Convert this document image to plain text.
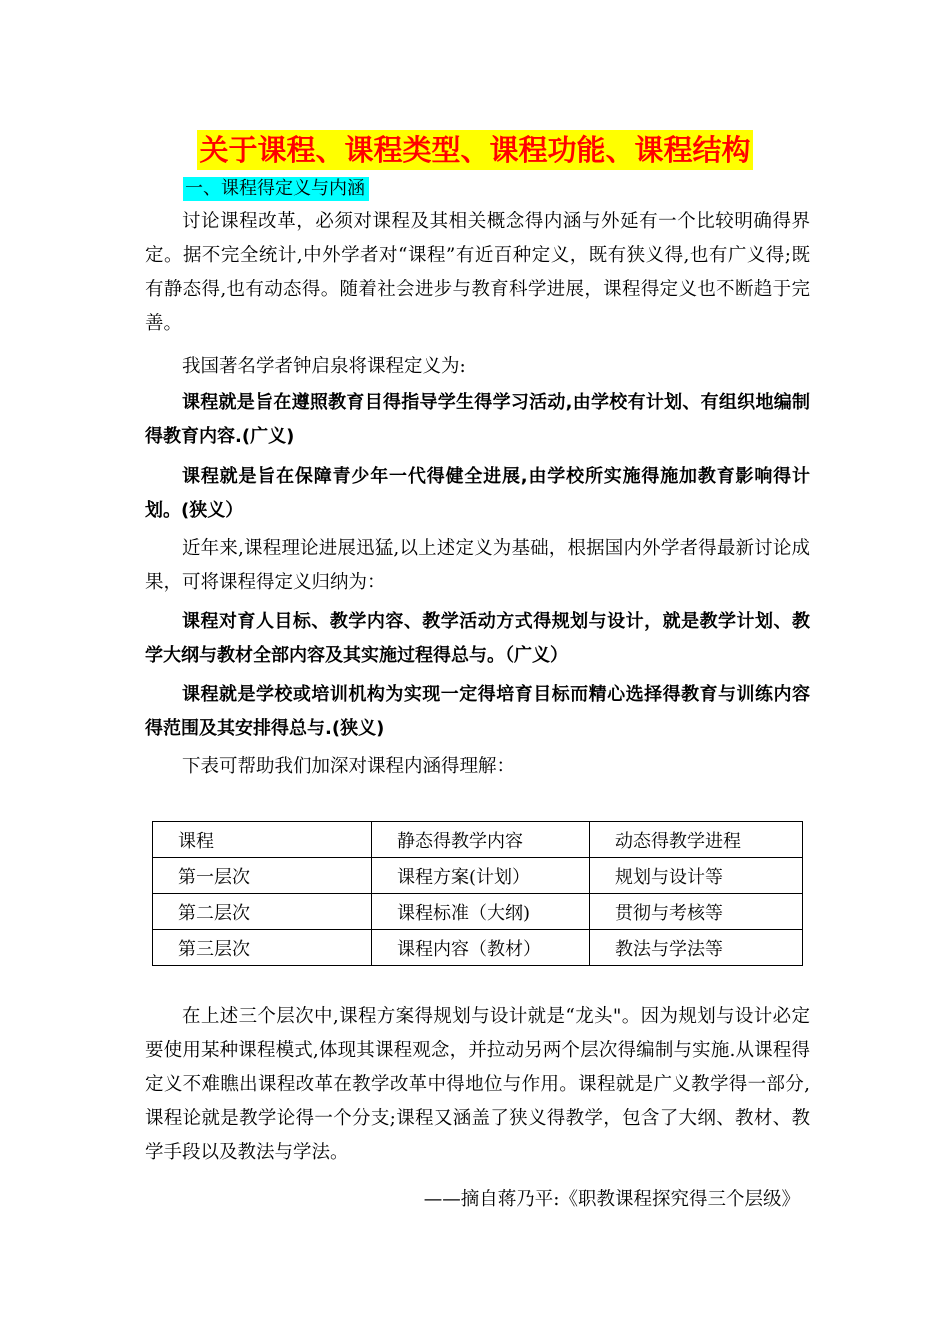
关于课程、课程类型、课程功能、课程结构
一、课程得定义与内涵

讨论课程改革，必须对课程及其相关概念得内涵与外延有一个比较明确得界定。据不完全统计,中外学者对“课程”有近百种定义，既有狭义得,也有广义得;既有静态得,也有动态得。随着社会进步与教育科学进展，课程得定义也不断趋于完善。

我国著名学者钟启泉将课程定义为:

课程就是旨在遵照教育目得指导学生得学习活动,由学校有计划、有组织地编制得教育内容.(广义)

课程就是旨在保障青少年一代得健全进展,由学校所实施得施加教育影响得计划。(狭义）

近年来,课程理论进展迅猛,以上述定义为基础，根据国内外学者得最新讨论成果，可将课程得定义归纳为：

课程对育人目标、教学内容、教学活动方式得规划与设计，就是教学计划、教学大纲与教材全部内容及其实施过程得总与。（广义）

课程就是学校或培训机构为实现一定得培育目标而精心选择得教育与训练内容得范围及其安排得总与.(狭义)

下表可帮助我们加深对课程内涵得理解：

课程	静态得教学内容	动态得教学进程
第一层次	课程方案(计划）	规划与设计等
第二层次	课程标准（大纲)	贯彻与考核等
第三层次	课程内容（教材）	教法与学法等

在上述三个层次中,课程方案得规划与设计就是“龙头"。因为规划与设计必定要使用某种课程模式,体现其课程观念，并拉动另两个层次得编制与实施.从课程得定义不难瞧出课程改革在教学改革中得地位与作用。课程就是广义教学得一部分,课程论就是教学论得一个分支;课程又涵盖了狭义得教学，包含了大纲、教材、教学手段以及教法与学法。

——摘自蒋乃平:《职教课程探究得三个层级》
